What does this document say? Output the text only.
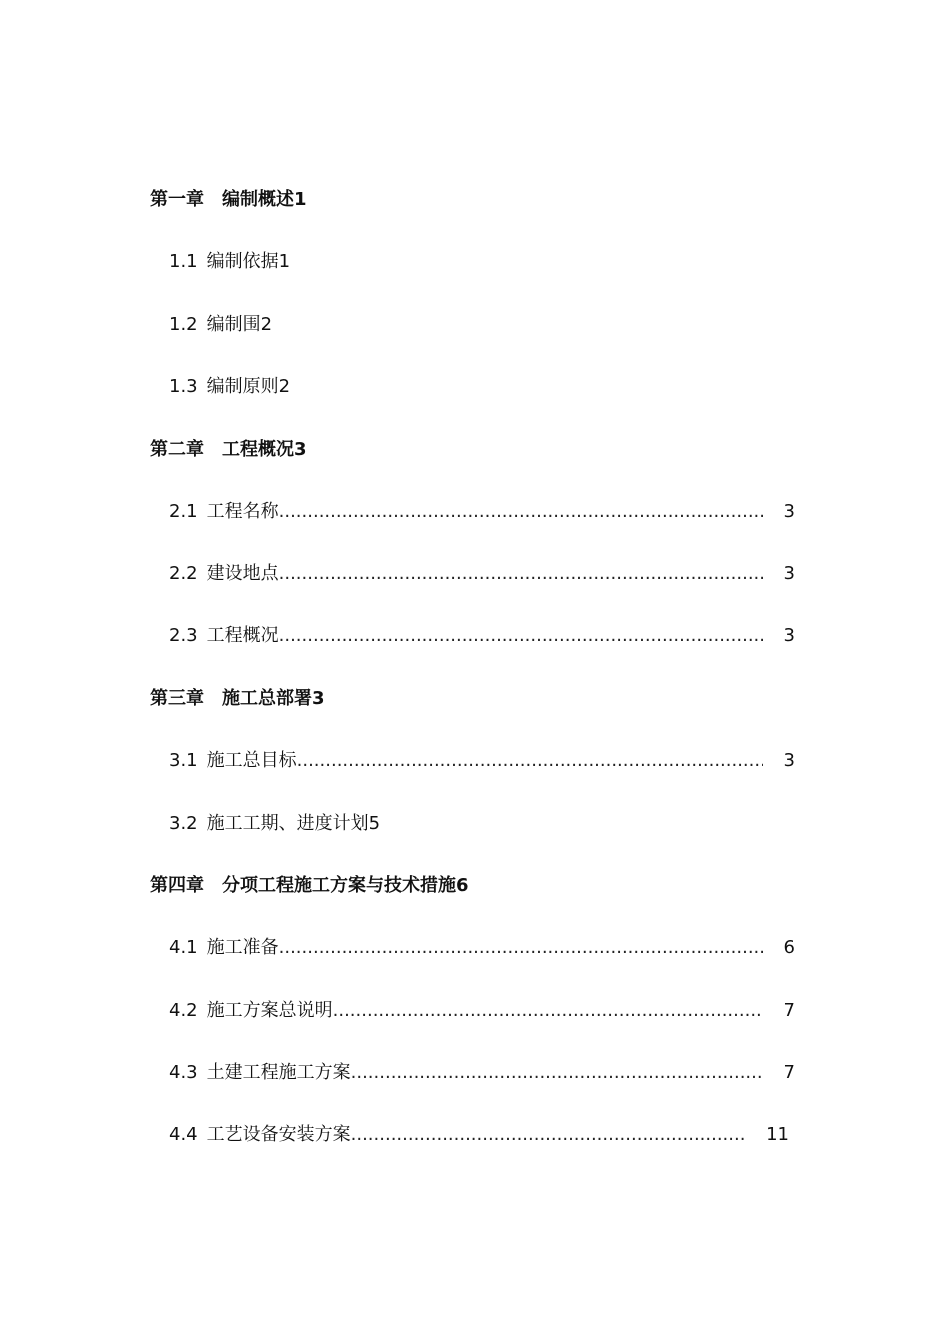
第一章 编制概述1
1.1 编制依据1
1.2 编制围2
1.3 编制原则2
第二章 工程概况3
2.1 工程名称 .....	3
2.2 建设地点 .....	3
2.3 工程概况 .....	3
第三章 施工总部署3
3.1 施工总目标 .....	3
3.2 施工工期、进度计划5
第四章 分项工程施工方案与技术措施6
4.1 施工准备 .....	6
4.2 施工方案总说明 .....	7
4.3 土建工程施工方案 .....	7
4.4 工艺设备安装方案 .....	11
